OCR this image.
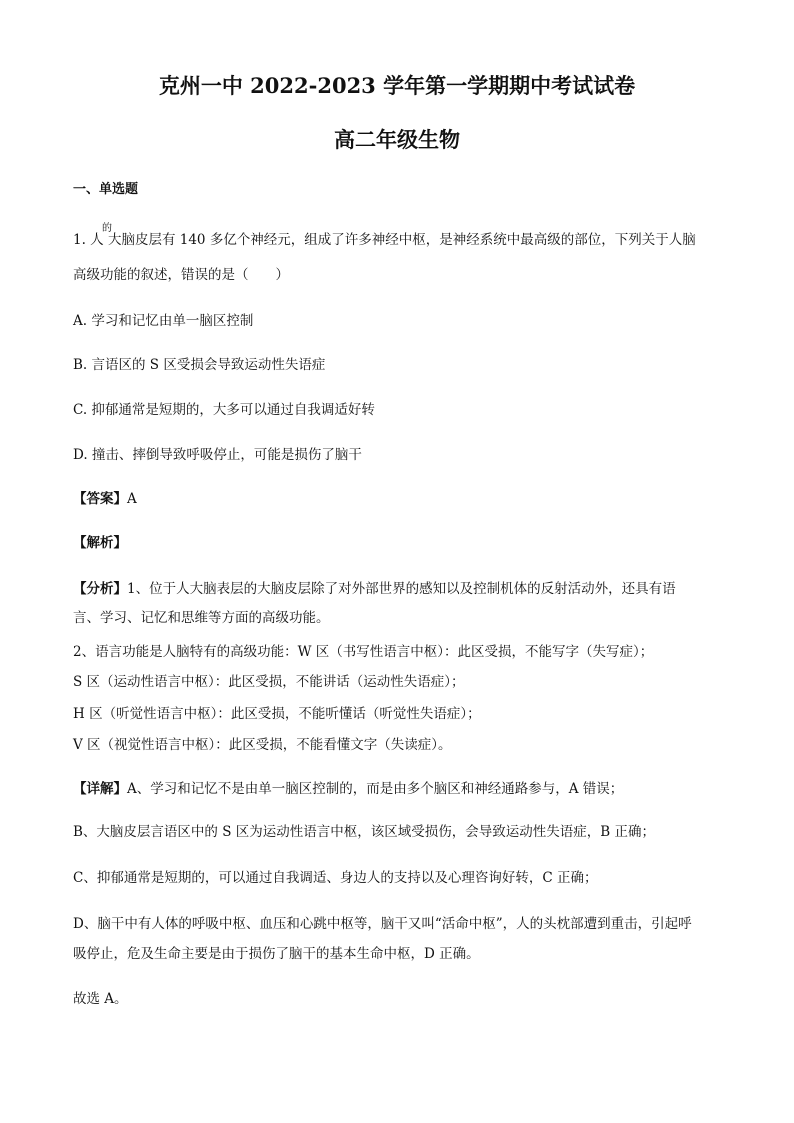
克州一中 2022-2023 学年第一学期期中考试试卷
高二年级生物
一、单选题
的
1. 人 大脑皮层有 140 多亿个神经元，组成了许多神经中枢，是神经系统中最高级的部位，下列关于人脑
高级功能的叙述，错误的是（　　）
A. 学习和记忆由单一脑区控制
B. 言语区的 S 区受损会导致运动性失语症
C. 抑郁通常是短期的，大多可以通过自我调适好转
D. 撞击、摔倒导致呼吸停止，可能是损伤了脑干
【答案】A
【解析】
【分析】1、位于人大脑表层的大脑皮层除了对外部世界的感知以及控制机体的反射活动外，还具有语
言、学习、记忆和思维等方面的高级功能。
2、语言功能是人脑特有的高级功能：W 区（书写性语言中枢）：此区受损，不能写字（失写症）；
S 区（运动性语言中枢）：此区受损，不能讲话（运动性失语症）；
H 区（听觉性语言中枢）：此区受损，不能听懂话（听觉性失语症）；
V 区（视觉性语言中枢）：此区受损，不能看懂文字（失读症）。
【详解】A、学习和记忆不是由单一脑区控制的，而是由多个脑区和神经通路参与，A 错误；
B、大脑皮层言语区中的 S 区为运动性语言中枢，该区域受损伤，会导致运动性失语症，B 正确；
C、抑郁通常是短期的，可以通过自我调适、身边人的支持以及心理咨询好转，C 正确；
D、脑干中有人体的呼吸中枢、血压和心跳中枢等，脑干又叫“活命中枢”，人的头枕部遭到重击，引起呼
吸停止，危及生命主要是由于损伤了脑干的基本生命中枢，D 正确。
故选 A。
